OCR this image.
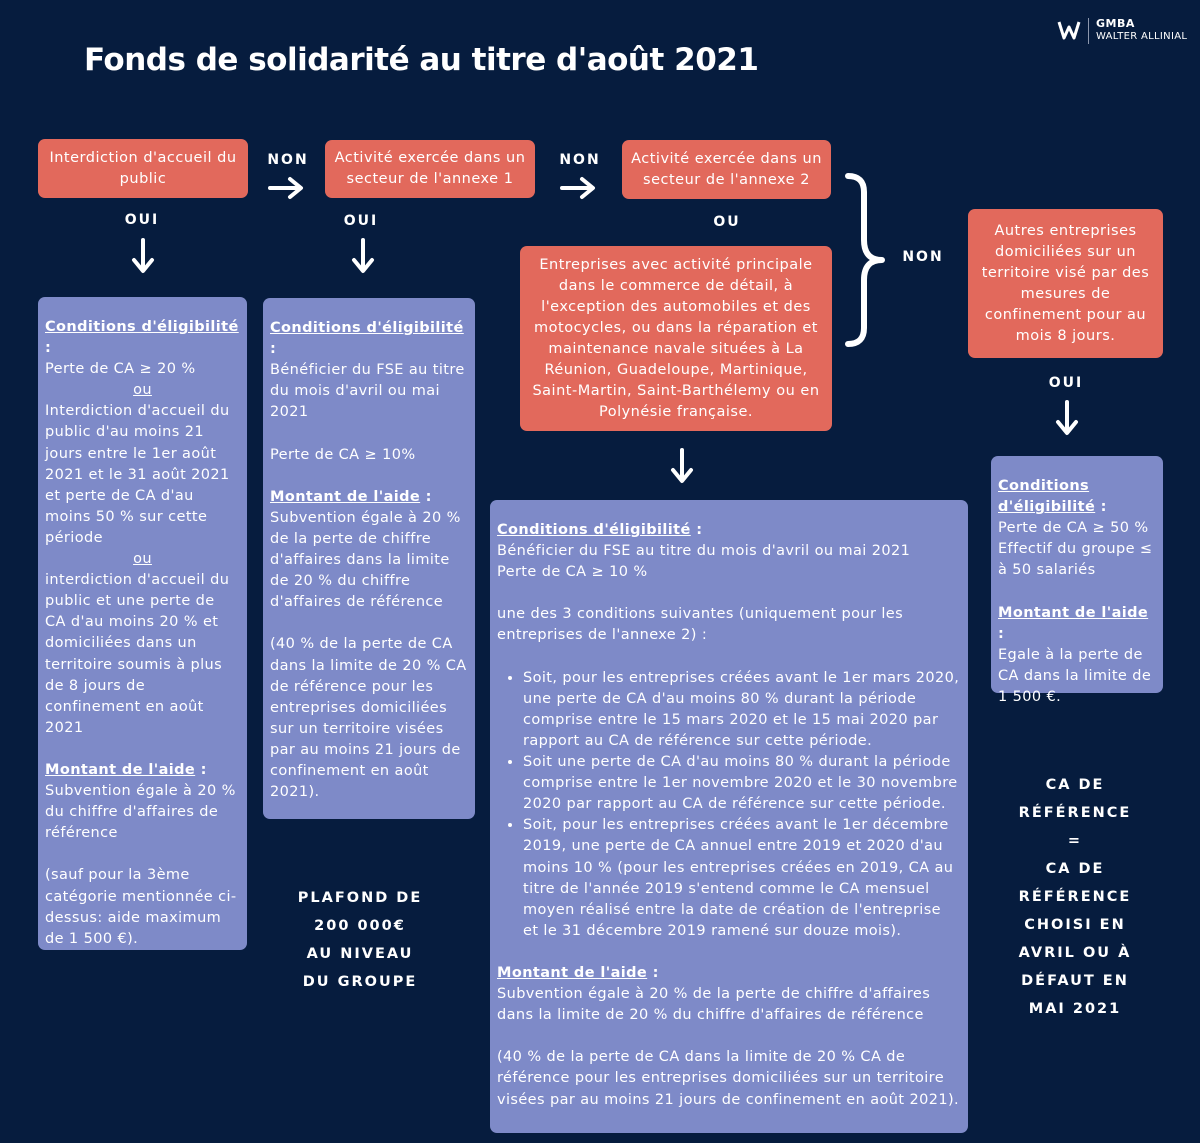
Fonds de solidarité au titre d'août 2021
GMBA
WALTER ALLINIAL
Interdiction d'accueil du public
Activité exercée dans un secteur de l'annexe 1
Activité exercée dans un secteur de l'annexe 2
Entreprises avec activité principale dans le commerce de détail, à l'exception des automobiles et des motocycles, ou dans la réparation et maintenance navale situées à La Réunion, Guadeloupe, Martinique, Saint-Martin, Saint-Barthélemy ou en Polynésie française.
Autres entreprises domiciliées sur un territoire visé par des mesures de confinement pour au mois 8 jours.
NON	NON
NON
OUI	OUI
OUI
OU

Conditions d'éligibilité :

Perte de CA ≥ 20 %

ou

Interdiction d'accueil du public d'au moins 21 jours entre le 1er août 2021 et le 31 août 2021 et perte de CA d'au moins 50 % sur cette période

ou

interdiction d'accueil du public et une perte de CA d'au moins 20 % et domiciliées dans un territoire soumis à plus de 8 jours de confinement en août 2021

Montant de l'aide :

Subvention égale à 20 % du chiffre d'affaires de référence

(sauf pour la 3ème catégorie mentionnée ci-dessus: aide maximum de 1 500 €).

Conditions d'éligibilité :

Bénéficier du FSE au titre du mois d'avril ou mai 2021

Perte de CA ≥ 10%

Montant de l'aide :

Subvention égale à 20 % de la perte de chiffre d'affaires dans la limite de 20 % du chiffre d'affaires de référence

(40 % de la perte de CA dans la limite de 20 % CA de référence pour les entreprises domiciliées sur un territoire visées par au moins 21 jours de confinement en août 2021).

Conditions d'éligibilité :

Bénéficier du FSE au titre du mois d'avril ou mai 2021
Perte de CA ≥ 10 %

une des 3 conditions suivantes (uniquement pour les entreprises de l'annexe 2) :

• Soit, pour les entreprises créées avant le 1er mars 2020, une perte de CA d'au moins 80 % durant la période comprise entre le 15 mars 2020 et le 15 mai 2020 par rapport au CA de référence sur cette période.
• Soit une perte de CA d'au moins 80 % durant la période comprise entre le 1er novembre 2020 et le 30 novembre 2020 par rapport au CA de référence sur cette période.
• Soit, pour les entreprises créées avant le 1er décembre 2019, une perte de CA annuel entre 2019 et 2020 d'au moins 10 % (pour les entreprises créées en 2019, CA au titre de l'année 2019 s'entend comme le CA mensuel moyen réalisé entre la date de création de l'entreprise et le 31 décembre 2019 ramené sur douze mois).

Montant de l'aide :

Subvention égale à 20 % de la perte de chiffre d'affaires dans la limite de 20 % du chiffre d'affaires de référence

(40 % de la perte de CA dans la limite de 20 % CA de référence pour les entreprises domiciliées sur un territoire visées par au moins 21 jours de confinement en août 2021).

Conditions d'éligibilité :

Perte de CA ≥ 50 %
Effectif du groupe ≤ à 50 salariés

Montant de l'aide :

Egale à la perte de CA dans la limite de 1 500 €.

PLAFOND DE
200 000€
AU NIVEAU
DU GROUPE
CA DE
RÉFÉRENCE
=
CA DE
RÉFÉRENCE
CHOISI EN
AVRIL OU À
DÉFAUT EN
MAI 2021
